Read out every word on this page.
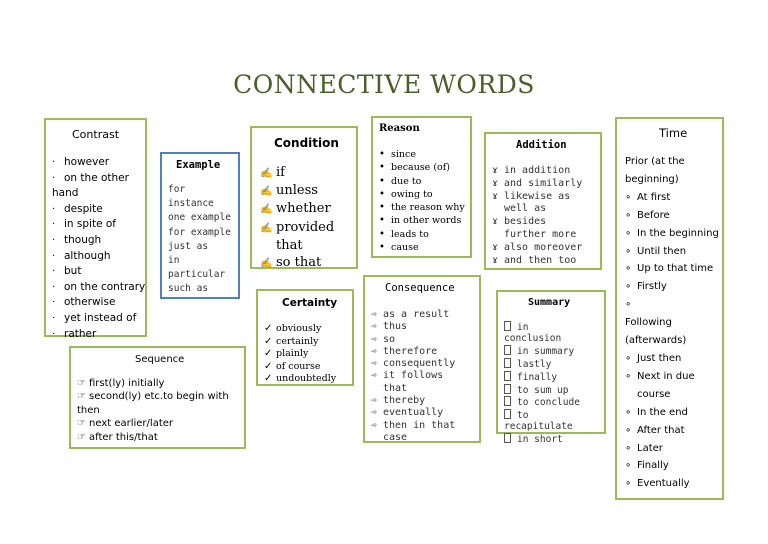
CONNECTIVE WORDS
Contrast
· however
· on the other
hand
· despite
· in spite of
· though
· although
· but
· on the contrary
· otherwise
· yet instead of
· rather
Example
for
instance
one example
for example
just as
in
particular
such as
Condition
✍ if
✍ unless
✍ whether
✍ provided
that
✍ so that
Reason
• since
• because (of)
• due to
• owing to
• the reason why
• in other words
• leads to
• cause
Addition
ɤ in addition
ɤ and similarly
ɤ likewise as
well as
ɤ besides
further more
ɤ also moreover
ɤ and then too
Time
Prior (at the
beginning)
∘ At first
∘ Before
∘ In the beginning
∘ Until then
∘ Up to that time
∘ Firstly
∘
Following
(afterwards)
∘ Just then
∘ Next in due
course
∘ In the end
∘ After that
∘ Later
∘ Finally
∘ Eventually
Certainty
✓ obviously
✓ certainly
✓ plainly
✓ of course
✓ undoubtedly
Consequence
➾ as a result
➾ thus
➾ so
➾ therefore
➾ consequently
➾ it follows
that
➾ thereby
➾ eventually
➾ then in that
case
Summary
in
conclusion
in summary
lastly
finally
to sum up
to conclude
to
recapitulate
in short
Sequence
☞ first(ly) initially
☞ second(ly) etc.to begin with
then
☞ next earlier/later
☞ after this/that
